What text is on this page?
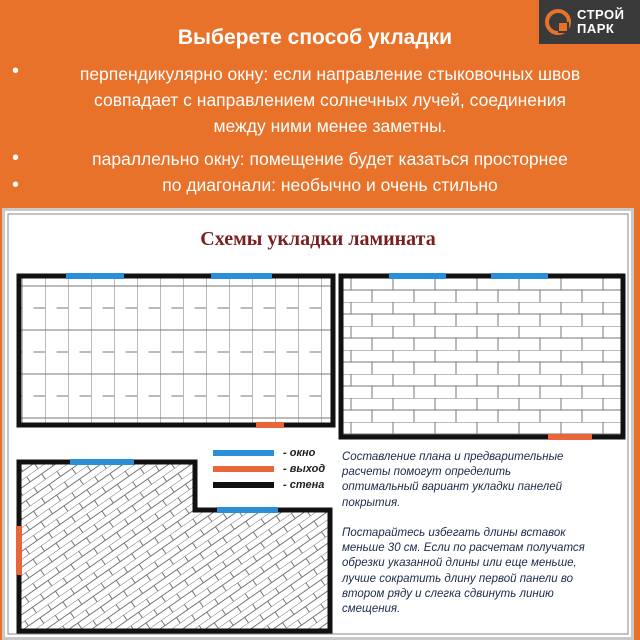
Выберете способ укладки
СТРОЙ
ПАРК
•	перпендикулярно окну: если направление стыковочных швов
совпадает с направлением солнечных лучей, соединения
между ними менее заметны.
•	параллельно окну: помещение будет казаться просторнее
•	по диагонали: необычно и очень стильно
Схемы укладки ламината
- окно
- выход
- стена
Составление плана и предварительные
расчеты помогут определить
оптимальный вариант укладки панелей
покрытия.
Постарайтесь избегать длины вставок
меньше 30 см. Если по расчетам получатся
обрезки указанной длины или еще меньше,
лучше сократить длину первой панели во
втором ряду и слегка сдвинуть линию
смещения.
